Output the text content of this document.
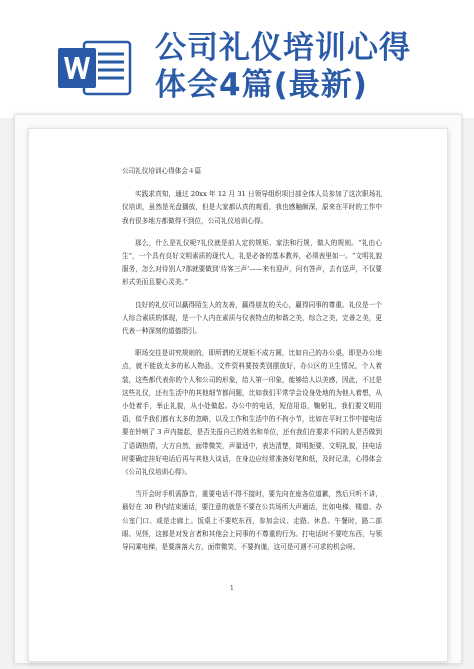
公司礼仪培训心得
体会4篇(最新)
公司礼仪培训心得体会４篇

实践求真知，通过 20xx 年 12 月 31 日领导组织项目部全体人员参加了这次职场礼仪培训，虽然是光盘播放，但是大家都认真的观看，我也感触颇深，原来在平时的工作中我有很多地方都做得不到位，公司礼仪培训心得。

那么，什么是礼仪呢?礼仪就是前人定的规矩、家法和行规，做人的规则。“礼由心生”，一个具有良好文明素质的现代人，礼是必备的基本教养，必须表里如一。“文明礼貌服务，怎么对待别人?那就要做到‘待客三声’——来有迎声，问有答声，去有送声，不仅要形式美而且要心灵美。”

良好的礼仪可以赢得陌生人的友善，赢得朋友的关心，赢得同事的尊重。礼仪是一个人综合素质的体现，是一个人内在素质与仪表特点的和谐之美，综合之美，完善之美，更代表一种深刻的道德指引。

职场交往是讲究规则的，即所谓的无规矩不成方圆，比如自己的办公桌，即是办公地点，就不能放太多的私人物品，文件资料要按类别摆放好，办公区的卫生情况，个人着装，这些都代表你的个人和公司的形象，给人第一印象，能够给人以美感，因此，不过是这些礼仪，还有生活中的其他细节都问题，比如我们平常学会设身处地的为他人着想，从小处着手，举止礼貌，从小处做起。办公中的电话，短信用语，鞠躬礼，我们要文明用语，似乎我们都有太多的忽略，以及工作和生活中的不拘小节，比如在平时工作中接电话要在铃响了 3 声内接起，是否先报自己的姓名和单位，还有我们在要求不同的人是否做到了语调热情，大方自然，面带微笑，声量适中，表达清楚，简明扼要，文明礼貌，挂电话时要确定挂好电话后再与其他人谈话，在身边应经常准备好笔和纸，及时记录，心得体会《公司礼仪培训心得》。

当开会时手机需静音，重要电话不得不接时，要先向在座各位道歉，然后只听不讲，最好在 30 秒内结束通话，要注意的就是不要在公共场所大声通话，比如电梯、楼道、办公室门口、或是走廊上。饭桌上不要吃东西，参加会议、走路、休息、午餐时，路二部眼、见怪，这都是对发言者和其他会上同事的不尊重的行为。打电话时不要吃东西，与领导同乘电梯，是要落落大方，面带微笑，不要拘谨，这可是可遇不可求的机会呀。

1
